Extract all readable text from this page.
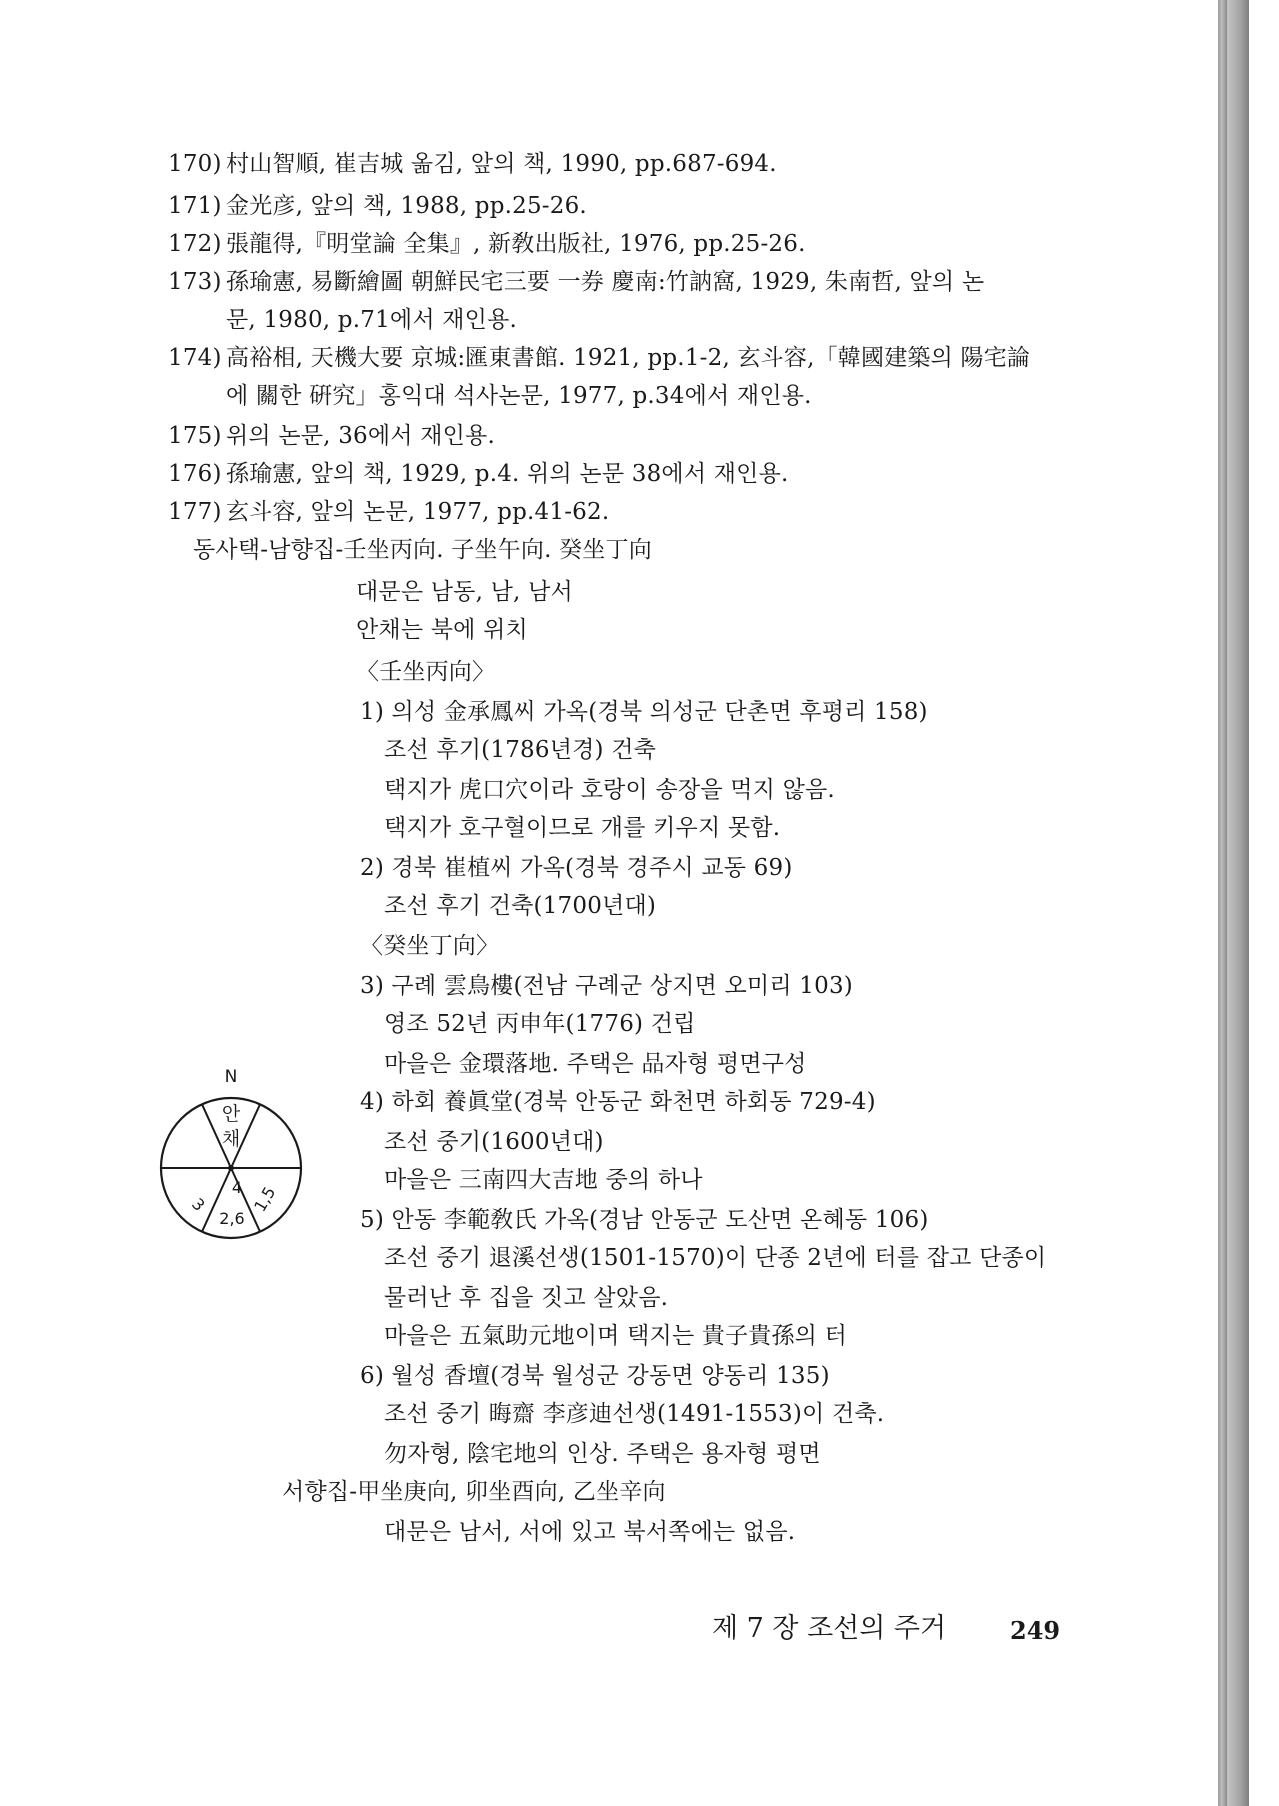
170) 村山智順, 崔吉城 옮김, 앞의 책, 1990, pp.687-694.
171) 金光彦, 앞의 책, 1988, pp.25-26.
172) 張龍得,『明堂論 全集』, 新敎出版社, 1976, pp.25-26.
173) 孫瑜憲, 易斷繪圖 朝鮮民宅三要 一券 慶南:竹訥窩, 1929, 朱南哲, 앞의 논
문, 1980, p.71에서 재인용.
174) 高裕相, 天機大要 京城:匯東書館. 1921, pp.1-2, 玄斗容,「韓國建築의 陽宅論
에 關한 硏究」홍익대 석사논문, 1977, p.34에서 재인용.
175) 위의 논문, 36에서 재인용.
176) 孫瑜憲, 앞의 책, 1929, p.4. 위의 논문 38에서 재인용.
177) 玄斗容, 앞의 논문, 1977, pp.41-62.
동사택-남향집-壬坐丙向. 子坐午向. 癸坐丁向
대문은 남동, 남, 남서
안채는 북에 위치
〈壬坐丙向〉
1) 의성 金承鳳씨 가옥(경북 의성군 단촌면 후평리 158)
조선 후기(1786년경) 건축
택지가 虎口穴이라 호랑이 송장을 먹지 않음.
택지가 호구혈이므로 개를 키우지 못함.
2) 경북 崔植씨 가옥(경북 경주시 교동 69)
조선 후기 건축(1700년대)
〈癸坐丁向〉
3) 구례 雲鳥樓(전남 구례군 상지면 오미리 103)
영조 52년 丙申年(1776) 건립
마을은 金環落地. 주택은 品자형 평면구성
4) 하회 養眞堂(경북 안동군 화천면 하회동 729-4)
조선 중기(1600년대)
마을은 三南四大吉地 중의 하나
5) 안동 李範敎氏 가옥(경남 안동군 도산면 온혜동 106)
조선 중기 退溪선생(1501-1570)이 단종 2년에 터를 잡고 단종이
물러난 후 집을 짓고 살았음.
마을은 五氣助元地이며 택지는 貴子貴孫의 터
6) 월성 香壇(경북 월성군 강동면 양동리 135)
조선 중기 晦齋 李彦迪선생(1491-1553)이 건축.
勿자형, 陰宅地의 인상. 주택은 용자형 평면
서향집-甲坐庚向, 卯坐酉向, 乙坐辛向
대문은 남서, 서에 있고 북서쪽에는 없음.
N
안
채
4 1,5
3
2,6
제 7 장 조선의 주거	249
